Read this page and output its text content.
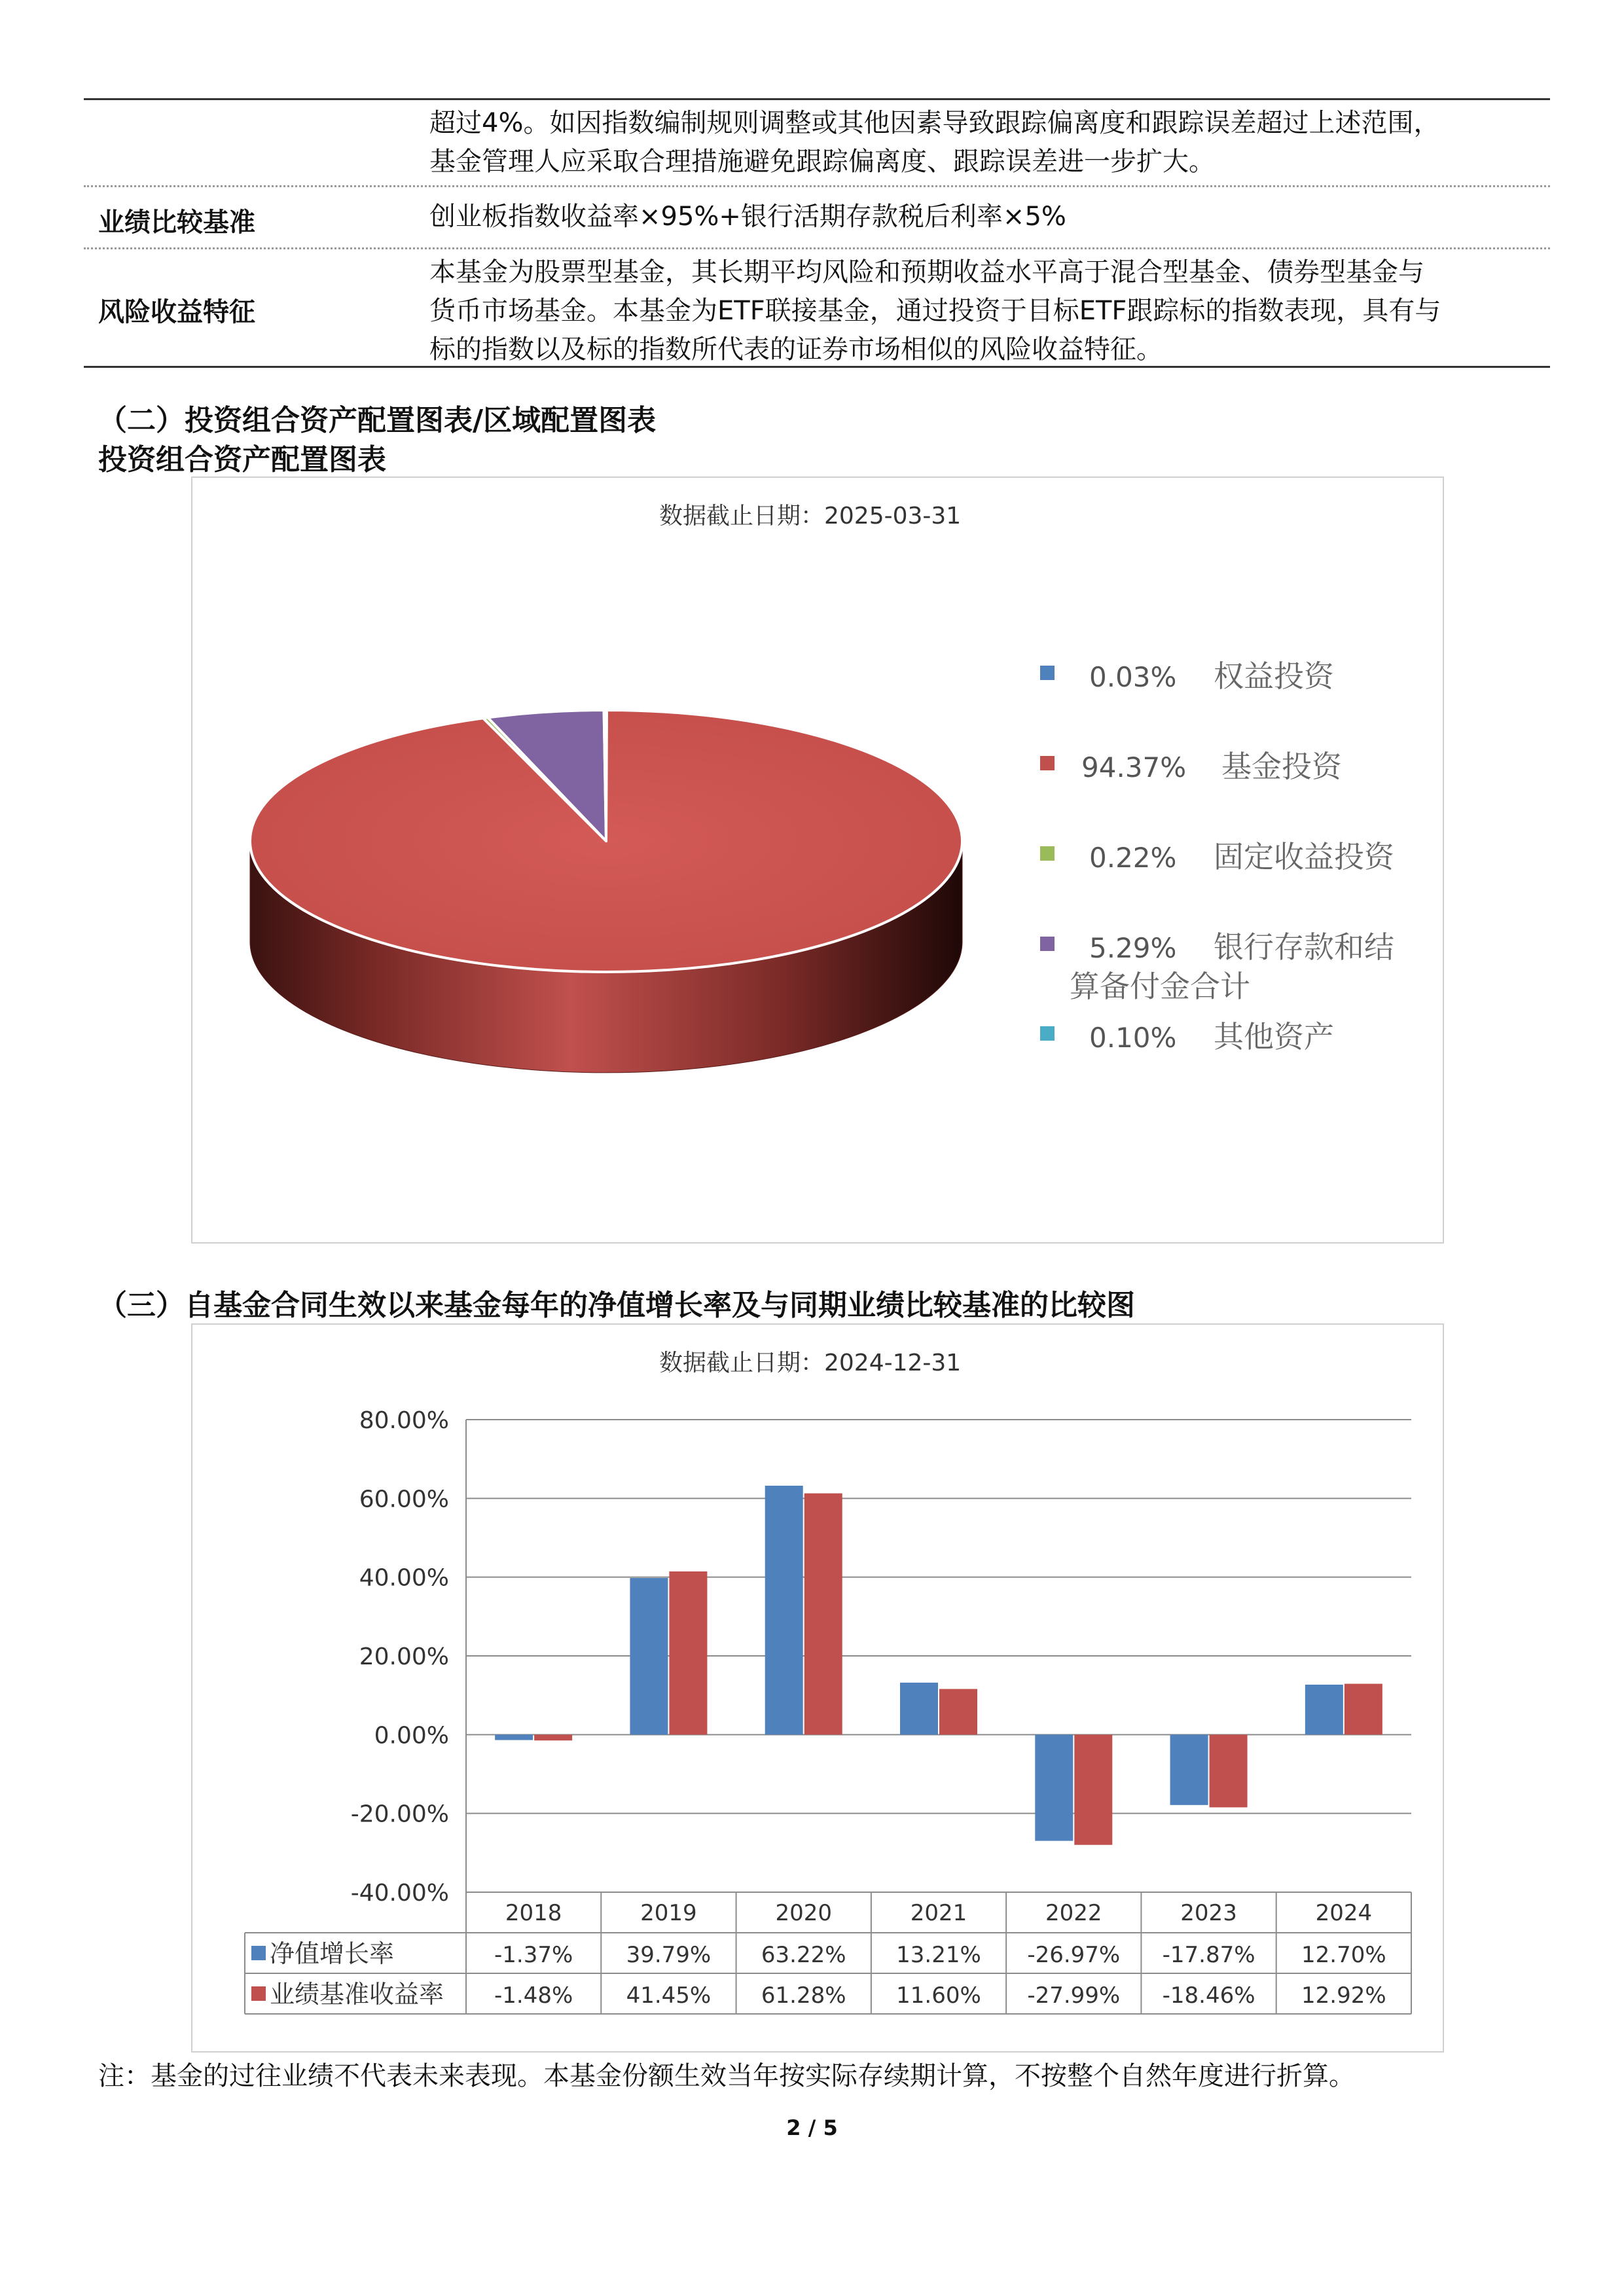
超过4%。如因指数编制规则调整或其他因素导致跟踪偏离度和跟踪误差超过上述范围，
基金管理人应采取合理措施避免跟踪偏离度、跟踪误差进一步扩大。
业绩比较基准	创业板指数收益率×95%+银行活期存款税后利率×5%
风险收益特征
本基金为股票型基金，其长期平均风险和预期收益水平高于混合型基金、债券型基金与
货币市场基金。本基金为ETF联接基金，通过投资于目标ETF跟踪标的指数表现，具有与
标的指数以及标的指数所代表的证券市场相似的风险收益特征。
（二）投资组合资产配置图表/区域配置图表
投资组合资产配置图表
数据截止日期：2025-03-31
0.03% 权益投资
94.37% 基金投资
0.22% 固定收益投资
5.29% 银行存款和结
算备付金合计
0.10% 其他资产
（三）自基金合同生效以来基金每年的净值增长率及与同期业绩比较基准的比较图
数据截止日期：2024-12-31
80.00%
60.00%
40.00%
20.00%
0.00%
-20.00%
-40.00%
2018	2019	2020	2021	2022	2023	2024
净值增长率	-1.37% 39.79% 63.22% 13.21% -26.97% -17.87% 12.70%
业绩基准收益率 -1.48% 41.45% 61.28% 11.60% -27.99% -18.46% 12.92%
注：基金的过往业绩不代表未来表现。本基金份额生效当年按实际存续期计算，不按整个自然年度进行折算。
2 / 5
